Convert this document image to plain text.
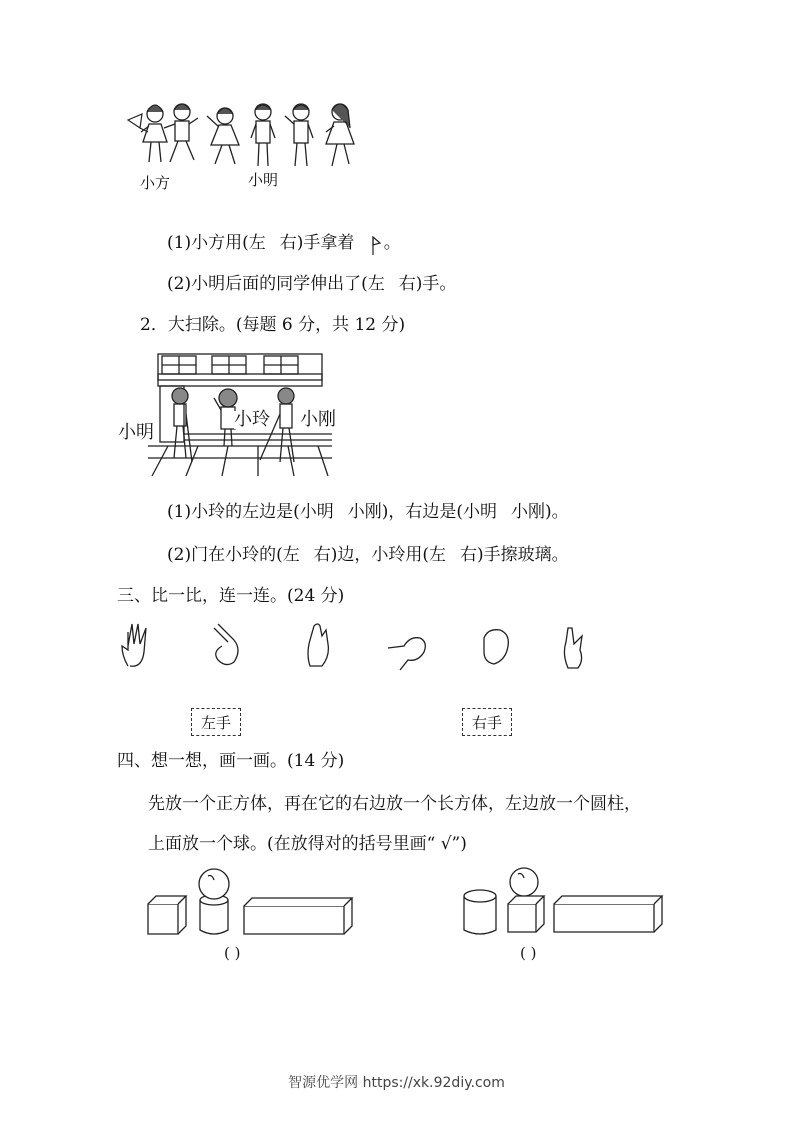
小方	小明
(1)小方用(左 右)手拿着 。
(2)小明后面的同学伸出了(左 右)手。
2．大扫除。(每题 6 分，共 12 分)
小明
小玲 小刚
(1)小玲的左边是(小明 小刚)，右边是(小明 小刚)。
(2)门在小玲的(左 右)边，小玲用(左 右)手擦玻璃。
三、比一比，连一连。(24 分)
左手	右手
四、想一想，画一画。(14 分)
先放一个正方体，再在它的右边放一个长方体，左边放一个圆柱，
上面放一个球。(在放得对的括号里画“ √”)
( )	( )
智源优学网 https://xk.92diy.com
